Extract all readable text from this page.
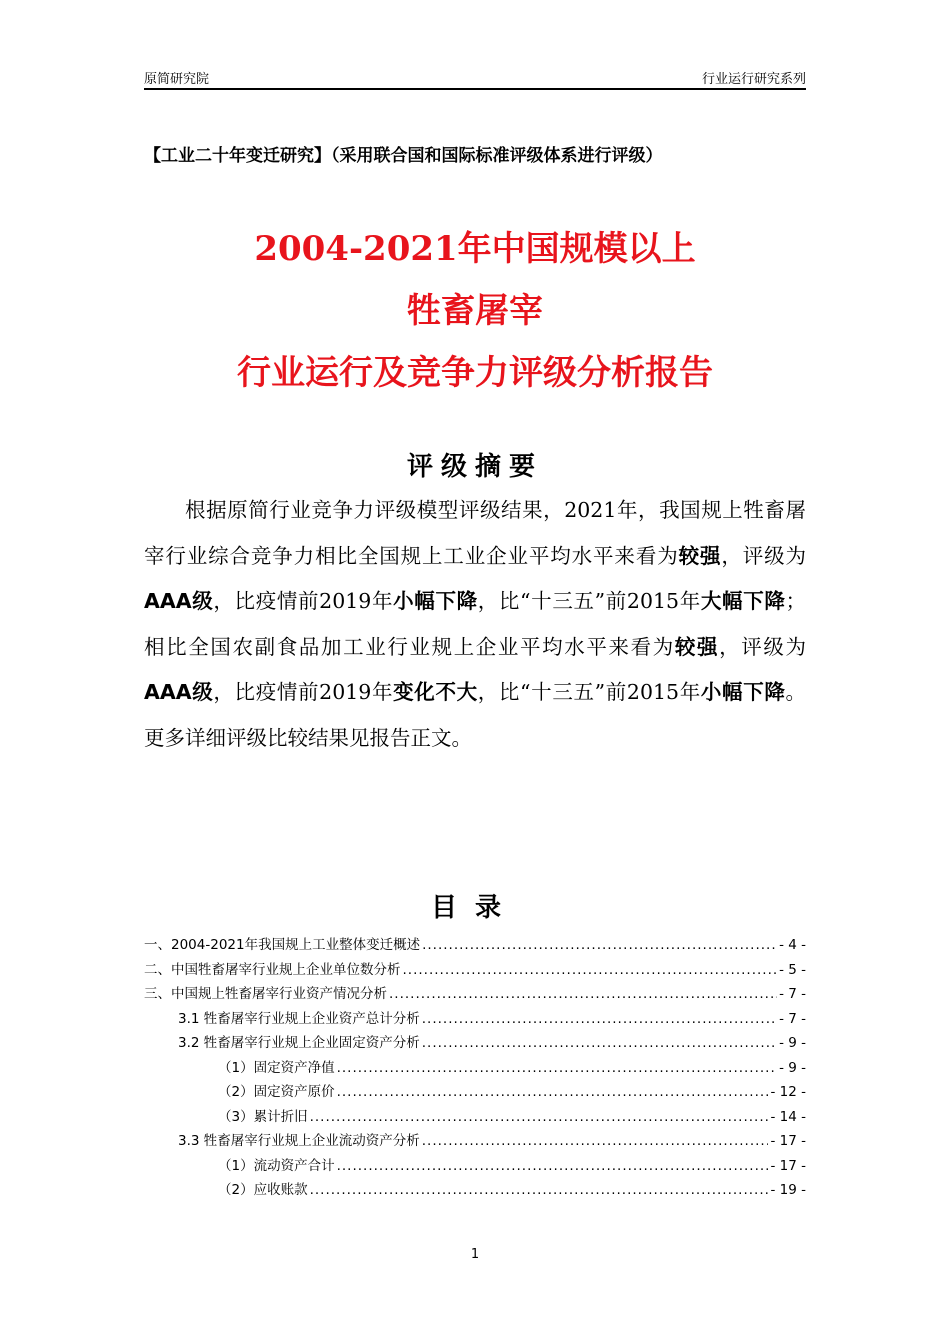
原简研究院	行业运行研究系列
【工业二十年变迁研究】（采用联合国和国际标准评级体系进行评级）
2004-2021年中国规模以上
牲畜屠宰
行业运行及竞争力评级分析报告
评级摘要
根据原简行业竞争力评级模型评级结果，2021年，我国规上牲畜屠宰行业综合竞争力相比全国规上工业企业平均水平来看为较强，评级为AAA级，比疫情前2019年小幅下降，比“十三五”前2015年大幅下降；相比全国农副食品加工业行业规上企业平均水平来看为较强，评级为AAA级，比疫情前2019年变化不大，比“十三五”前2015年小幅下降。更多详细评级比较结果见报告正文。
目录
一、2004-2021年我国规上工业整体变迁概述 .....	- 4 -
二、中国牲畜屠宰行业规上企业单位数分析 .....	- 5 -
三、中国规上牲畜屠宰行业资产情况分析 .....	- 7 -
3.1 牲畜屠宰行业规上企业资产总计分析 .....	- 7 -
3.2 牲畜屠宰行业规上企业固定资产分析 .....	- 9 -
（1）固定资产净值 .....	- 9 -
（2）固定资产原价 .....	- 12 -
（3）累计折旧 .....	- 14 -
3.3 牲畜屠宰行业规上企业流动资产分析 .....	- 17 -
（1）流动资产合计 .....	- 17 -
（2）应收账款 .....	- 19 -
1
